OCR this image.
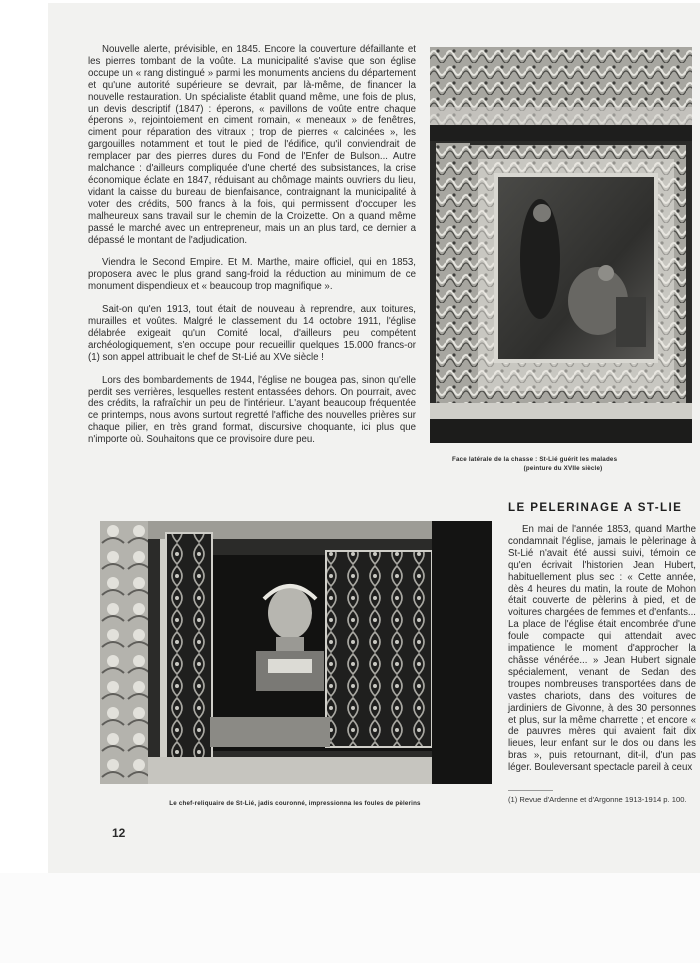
Nouvelle alerte, prévisible, en 1845. Encore la couverture défaillante et les pierres tombant de la voûte. La municipalité s'avise que son église occupe un « rang distingué » parmi les monuments anciens du département et qu'une autorité supérieure se devrait, par là-même, de financer la nouvelle restauration. Un spécialiste établit quand même, une fois de plus, un devis descriptif (1847) : éperons, « pavillons de voûte entre chaque éperons », rejointoiement en ciment romain, « meneaux » de fenêtres, ciment pour réparation des vitraux ; trop de pierres « calcinées », les gargouilles notamment et tout le pied de l'édifice, qu'il conviendrait de remplacer par des pierres dures du Fond de l'Enfer de Bulson... Autre malchance : d'ailleurs compliquée d'une cherté des subsistances, la crise économique éclate en 1847, réduisant au chômage maints ouvriers du lieu, vidant la caisse du bureau de bienfaisance, contraignant la municipalité à voter des crédits, 500 francs à la fois, qui permissent d'occuper les malheureux sans travail sur le chemin de la Croizette. On a quand même passé le marché avec un entrepreneur, mais un an plus tard, ce dernier a dépassé le montant de l'adjudication.

Viendra le Second Empire. Et M. Marthe, maire officiel, qui en 1853, proposera avec le plus grand sang-froid la réduction au minimum de ce monument dispendieux et « beaucoup trop magnifique ».

Sait-on qu'en 1913, tout était de nouveau à reprendre, aux toitures, murailles et voûtes. Malgré le classement du 14 octobre 1911, l'église délabrée exigeait qu'un Comité local, d'ailleurs peu compétent archéologiquement, s'en occupe pour recueillir quelques 15.000 francs-or (1) son appel attribuait le chef de St-Lié au XVe siècle !

Lors des bombardements de 1944, l'église ne bougea pas, sinon qu'elle perdit ses verrières, lesquelles restent entassées dehors. On pourrait, avec des crédits, la rafraîchir un peu de l'intérieur. L'ayant beaucoup fréquentée ce printemps, nous avons surtout regretté l'affiche des nouvelles prières sur chaque pilier, en très grand format, discursive choquante, ici plus que n'importe où. Souhaitons que ce provisoire dure peu.

Face latérale de la chasse : St-Lié guérit les malades
(peinture du XVIIe siècle)
LE PELERINAGE A ST-LIE

En mai de l'année 1853, quand Marthe condamnait l'église, jamais le pèlerinage à St-Lié n'avait été aussi suivi, témoin ce qu'en écrivait l'historien Jean Hubert, habituellement plus sec : « Cette année, dès 4 heures du matin, la route de Mohon était couverte de pèlerins à pied, et de voitures chargées de femmes et d'enfants... La place de l'église était encombrée d'une foule compacte qui attendait avec impatience le moment d'approcher la châsse vénérée... » Jean Hubert signale spécialement, venant de Sedan des troupes nombreuses transportées dans de vastes chariots, dans des voitures de jardiniers de Givonne, à des 30 personnes et plus, sur la même charrette ; et encore « de pauvres mères qui avaient fait dix lieues, leur enfant sur le dos ou dans les bras », puis retournant, dit-il, d'un pas léger. Bouleversant spectacle pareil à ceux

Le chef-reliquaire de St-Lié, jadis couronné, impressionna les foules de pèlerins	(1) Revue d'Ardenne et d'Argonne 1913-1914 p. 100.
12
